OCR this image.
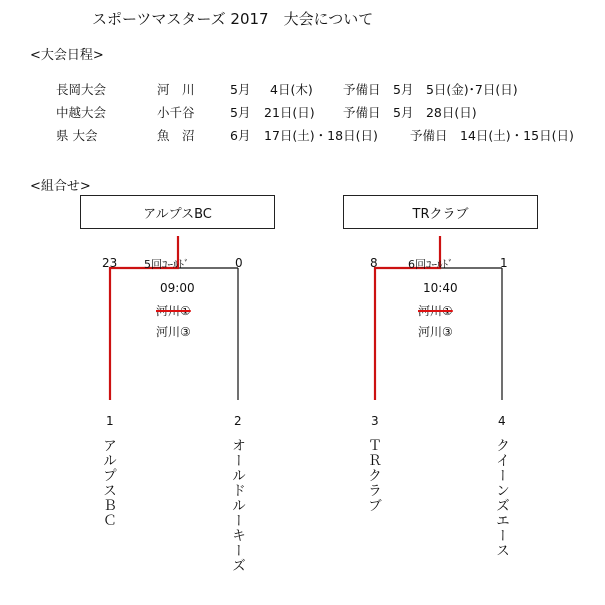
スポーツマスターズ 2017　大会について
<大会日程>
長岡大会	河　川	5月 4日(木) 予備日 5月　5日(金)･7日(日)
中越大会	小千谷	5月 21日(日) 予備日 5月　28日(日)
県 大会	魚　沼	6月 17日(土)・18日(日)	予備日 14日(土)・15日(日)
<組合せ>
アルプスBC
23 5回ｺｰﾙﾄﾞ	0
09:00
河川①
河川③
1	2
アルプスＢＣ	オールドルーキーズ
TRクラブ
8	6回ｺｰﾙﾄﾞ	1
10:40
河川①
河川③
3	4
ＴＲクラブ	クイーンズエース
